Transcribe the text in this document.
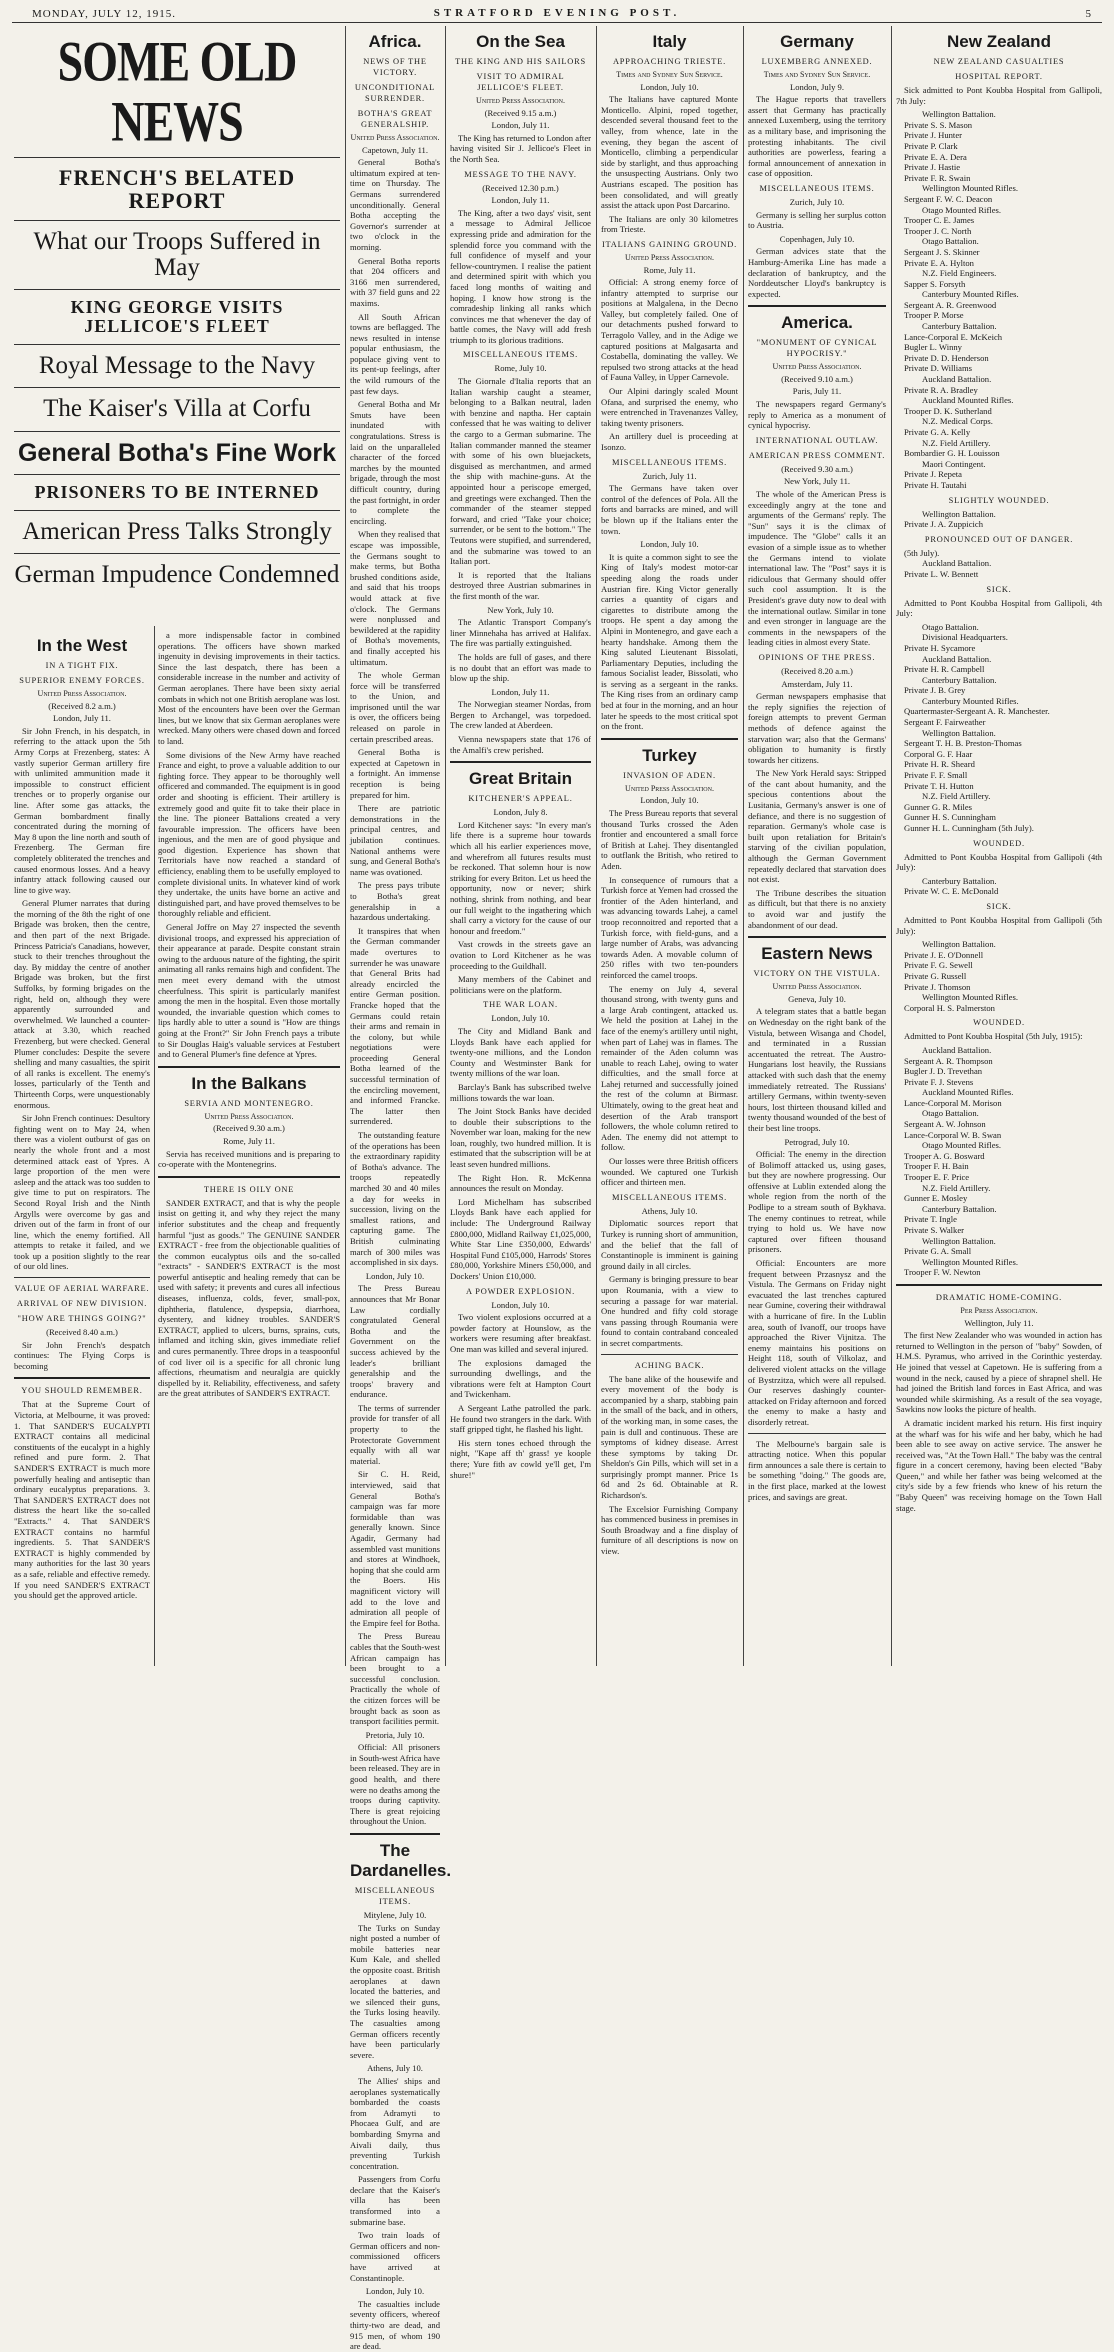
MONDAY, JULY 12, 1915.	STRATFORD EVENING POST.	5
SOME OLD NEWS
FRENCH'S BELATED REPORT
What our Troops Suffered in May
KING GEORGE VISITS JELLICOE'S FLEET
Royal Message to the Navy
The Kaiser's Villa at Corfu
General Botha's Fine Work
PRISONERS TO BE INTERNED
American Press Talks Strongly
German Impudence Condemned
In the West
IN A TIGHT FIX.
SUPERIOR ENEMY FORCES.
United Press Association.
(Received 8.2 a.m.)
London, July 11.

Sir John French, in his despatch, in referring to the attack upon the 5th Army Corps at Frezenberg, states: A vastly superior German artillery fire with unlimited ammunition made it impossible to construct efficient trenches or to properly organise our line. After some gas attacks, the German bombardment finally concentrated during the morning of May 8 upon the line north and south of Frezenberg. The German fire completely obliterated the trenches and caused enormous losses. And a heavy infantry attack following caused our line to give way.

General Plumer narrates that during the morning of the 8th the right of one Brigade was broken, then the centre, and then part of the next Brigade. Princess Patricia's Canadians, however, stuck to their trenches throughout the day. By midday the centre of another Brigade was broken, but the first Suffolks, by forming brigades on the right, held on, although they were apparently surrounded and overwhelmed. We launched a counter-attack at 3.30, which reached Frezenberg, but were checked. General Plumer concludes: Despite the severe shelling and many casualties, the spirit of all ranks is excellent. The enemy's losses, particularly of the Tenth and Thirteenth Corps, were unquestionably enormous.

Sir John French continues: Desultory fighting went on to May 24, when there was a violent outburst of gas on nearly the whole front and a most determined attack east of Ypres. A large proportion of the men were asleep and the attack was too sudden to give time to put on respirators. The Second Royal Irish and the Ninth Argylls were overcome by gas and driven out of the farm in front of our line, which the enemy fortified. All attempts to retake it failed, and we took up a position slightly to the rear of our old lines.

VALUE OF AERIAL WARFARE.
ARRIVAL OF NEW DIVISION.
"HOW ARE THINGS GOING?"
(Received 8.40 a.m.)

Sir John French's despatch continues: The Flying Corps is becoming

YOU SHOULD REMEMBER.

That at the Supreme Court of Victoria, at Melbourne, it was proved: 1. That SANDER'S EUCALYPTI EXTRACT contains all medicinal constituents of the eucalypt in a highly refined and pure form. 2. That SANDER'S EXTRACT is much more powerfully healing and antiseptic than ordinary eucalyptus preparations. 3. That SANDER'S EXTRACT does not distress the heart like the so-called "Extracts." 4. That SANDER'S EXTRACT contains no harmful ingredients. 5. That SANDER'S EXTRACT is highly commended by many authorities for the last 30 years as a safe, reliable and effective remedy. If you need SANDER'S EXTRACT you should get the approved article.

a more indispensable factor in combined operations. The officers have shown marked ingenuity in devising improvements in their tactics. Since the last despatch, there has been a considerable increase in the number and activity of German aeroplanes. There have been sixty aerial combats in which not one British aeroplane was lost. Most of the encounters have been over the German lines, but we know that six German aeroplanes were wrecked. Many others were chased down and forced to land.

Some divisions of the New Army have reached France and eight, to prove a valuable addition to our fighting force. They appear to be thoroughly well officered and commanded. The equipment is in good order and shooting is efficient. Their artillery is extremely good and quite fit to take their place in the line. The pioneer Battalions created a very favourable impression. The officers have been ingenious, and the men are of good physique and good digestion. Experience has shown that Territorials have now reached a standard of efficiency, enabling them to be usefully employed to complete divisional units. In whatever kind of work they undertake, the units have borne an active and distinguished part, and have proved themselves to be thoroughly reliable and efficient.

General Joffre on May 27 inspected the seventh divisional troops, and expressed his appreciation of their appearance at parade. Despite constant strain owing to the arduous nature of the fighting, the spirit animating all ranks remains high and confident. The men meet every demand with the utmost cheerfulness. This spirit is particularly manifest among the men in the hospital. Even those mortally wounded, the invariable question which comes to lips hardly able to utter a sound is "How are things going at the Front?" Sir John French pays a tribute to Sir Douglas Haig's valuable services at Festubert and to General Plumer's fine defence at Ypres.

In the Balkans
SERVIA AND MONTENEGRO.
United Press Association.
(Received 9.30 a.m.)
Rome, July 11.

Servia has received munitions and is preparing to co-operate with the Montenegrins.

THERE IS OILY ONE

SANDER EXTRACT, and that is why the people insist on getting it, and why they reject the many inferior substitutes and the cheap and frequently harmful "just as goods." The GENUINE SANDER EXTRACT - free from the objectionable qualities of the common eucalyptus oils and the so-called "extracts" - SANDER'S EXTRACT is the most powerful antiseptic and healing remedy that can be used with safety; it prevents and cures all infectious diseases, influenza, colds, fever, small-pox, diphtheria, flatulence, dyspepsia, diarrhoea, dysentery, and kidney troubles. SANDER'S EXTRACT, applied to ulcers, burns, sprains, cuts, inflamed and itching skin, gives immediate relief and cures permanently. Three drops in a teaspoonful of cod liver oil is a specific for all chronic lung affections, rheumatism and neuralgia are quickly dispelled by it. Reliability, effectiveness, and safety are the great attributes of SANDER'S EXTRACT.

Africa.
NEWS OF THE VICTORY.
UNCONDITIONAL SURRENDER.
BOTHA'S GREAT GENERALSHIP.
United Press Association.
Capetown, July 11.

General Botha's ultimatum expired at ten-time on Thursday. The Germans surrendered unconditionally. General Botha accepting the Governor's surrender at two o'clock in the morning.

General Botha reports that 204 officers and 3166 men surrendered, with 37 field guns and 22 maxims.

All South African towns are beflagged. The news resulted in intense popular enthusiasm, the populace giving vent to its pent-up feelings, after the wild rumours of the past few days.

General Botha and Mr Smuts have been inundated with congratulations. Stress is laid on the unparalleled character of the forced marches by the mounted brigade, through the most difficult country, during the past fortnight, in order to complete the encircling.

When they realised that escape was impossible, the Germans sought to make terms, but Botha brushed conditions aside, and said that his troops would attack at five o'clock. The Germans were nonplussed and bewildered at the rapidity of Botha's movements, and finally accepted his ultimatum.

The whole German force will be transferred to the Union, and imprisoned until the war is over, the officers being released on parole in certain prescribed areas.

General Botha is expected at Capetown in a fortnight. An immense reception is being prepared for him.

There are patriotic demonstrations in the principal centres, and jubilation continues. National anthems were sung, and General Botha's name was ovationed.

The press pays tribute to Botha's great generalship in a hazardous undertaking.

It transpires that when the German commander made overtures to surrender he was unaware that General Brits had already encircled the entire German position. Francke hoped that the Germans could retain their arms and remain in the colony, but while negotiations were proceeding General Botha learned of the successful termination of the encircling movement, and informed Francke. The latter then surrendered.

The outstanding feature of the operations has been the extraordinary rapidity of Botha's advance. The troops repeatedly marched 30 and 40 miles a day for weeks in succession, living on the smallest rations, and capturing game. The British culminating march of 300 miles was accomplished in six days.

London, July 10.

The Press Bureau announces that Mr Bonar Law cordially congratulated General Botha and the Government on the success achieved by the leader's brilliant generalship and the troops' bravery and endurance.

The terms of surrender provide for transfer of all property to the Protectorate Government equally with all war material.

Sir C. H. Reid, interviewed, said that General Botha's campaign was far more formidable than was generally known. Since Agadir, Germany had assembled vast munitions and stores at Windhoek, hoping that she could arm the Boers. His magnificent victory will add to the love and admiration all people of the Empire feel for Botha.

The Press Bureau cables that the South-west African campaign has been brought to a successful conclusion. Practically the whole of the citizen forces will be brought back as soon as transport facilities permit.

Pretoria, July 10.

Official: All prisoners in South-west Africa have been released. They are in good health, and there were no deaths among the troops during captivity. There is great rejoicing throughout the Union.

The Dardanelles.
MISCELLANEOUS ITEMS.
Mitylene, July 10.

The Turks on Sunday night posted a number of mobile batteries near Kum Kale, and shelled the opposite coast. British aeroplanes at dawn located the batteries, and we silenced their guns, the Turks losing heavily. The casualties among German officers recently have been particularly severe.

Athens, July 10.

The Allies' ships and aeroplanes systematically bombarded the coasts from Adramyti to Phocaea Gulf, and are bombarding Smyrna and Aivali daily, thus preventing Turkish concentration.

Passengers from Corfu declare that the Kaiser's villa has been transformed into a submarine base.

Two train loads of German officers and non-commissioned officers have arrived at Constantinople.

London, July 10.

The casualties include seventy officers, whereof thirty-two are dead, and 915 men, of whom 190 are dead.

On the Sea
THE KING AND HIS SAILORS
VISIT TO ADMIRAL JELLICOE'S FLEET.
United Press Association.
(Received 9.15 a.m.)
London, July 11.

The King has returned to London after having visited Sir J. Jellicoe's Fleet in the North Sea.

MESSAGE TO THE NAVY.
(Received 12.30 p.m.)
London, July 11.

The King, after a two days' visit, sent a message to Admiral Jellicoe expressing pride and admiration for the splendid force you command with the full confidence of myself and your fellow-countrymen. I realise the patient and determined spirit with which you faced long months of waiting and hoping. I know how strong is the comradeship linking all ranks which convinces me that whenever the day of battle comes, the Navy will add fresh triumph to its glorious traditions.

MISCELLANEOUS ITEMS.
Rome, July 10.

The Giornale d'Italia reports that an Italian warship caught a steamer, belonging to a Balkan neutral, laden with benzine and naptha. Her captain confessed that he was waiting to deliver the cargo to a German submarine. The Italian commander manned the steamer with some of his own bluejackets, disguised as merchantmen, and armed the ship with machine-guns. At the appointed hour a periscope emerged, and greetings were exchanged. Then the commander of the steamer stepped forward, and cried "Take your choice; surrender, or be sent to the bottom." The Teutons were stupified, and surrendered, and the submarine was towed to an Italian port.

It is reported that the Italians destroyed three Austrian submarines in the first month of the war.

New York, July 10.

The Atlantic Transport Company's liner Minnehaha has arrived at Halifax. The fire was partially extinguished.

The holds are full of gases, and there is no doubt that an effort was made to blow up the ship.

London, July 11.

The Norwegian steamer Nordas, from Bergen to Archangel, was torpedoed. The crew landed at Aberdeen.

Vienna newspapers state that 176 of the Amalfi's crew perished.

Great Britain
KITCHENER'S APPEAL.
London, July 8.

Lord Kitchener says: "In every man's life there is a supreme hour towards which all his earlier experiences move, and wherefrom all futures results must be reckoned. That solemn hour is now striking for every Briton. Let us heed the opportunity, now or never; shirk nothing, shrink from nothing, and bear our full weight to the ingathering which shall carry a victory for the cause of our honour and freedom."

Vast crowds in the streets gave an ovation to Lord Kitchener as he was proceeding to the Guildhall.

Many members of the Cabinet and politicians were on the platform.

THE WAR LOAN.
London, July 10.

The City and Midland Bank and Lloyds Bank have each applied for twenty-one millions, and the London County and Westminster Bank for twenty millions of the war loan.

Barclay's Bank has subscribed twelve millions towards the war loan.

The Joint Stock Banks have decided to double their subscriptions to the November war loan, making for the new loan, roughly, two hundred million. It is estimated that the subscription will be at least seven hundred millions.

The Right Hon. R. McKenna announces the result on Monday.

Lord Michelham has subscribed Lloyds Bank have each applied for include: The Underground Railway £800,000, Midland Railway £1,025,000, White Star Line £350,000, Edwards' Hospital Fund £105,000, Harrods' Stores £80,000, Yorkshire Miners £50,000, and Dockers' Union £10,000.

A POWDER EXPLOSION.
London, July 10.

Two violent explosions occurred at a powder factory at Hounslow, as the workers were resuming after breakfast. One man was killed and several injured.

The explosions damaged the surrounding dwellings, and the vibrations were felt at Hampton Court and Twickenham.

A Sergeant Lathe patrolled the park. He found two strangers in the dark. With staff gripped tight, he flashed his light.

His stern tones echoed through the night, "Kape aff th' grass! ye koople there; Yure fith av cowld ye'll get, I'm shure!"

Italy
APPROACHING TRIESTE.
Times and Sydney Sun Service.
London, July 10.

The Italians have captured Monte Monticello. Alpini, roped together, descended several thousand feet to the valley, from whence, late in the evening, they began the ascent of Monticello, climbing a perpendicular side by starlight, and thus approaching the unsuspecting Austrians. Only two Austrians escaped. The position has been consolidated, and will greatly assist the attack upon Post Darcarino.

The Italians are only 30 kilometres from Trieste.

ITALIANS GAINING GROUND.
United Press Association.
Rome, July 11.

Official: A strong enemy force of infantry attempted to surprise our positions at Malgalena, in the Decno Valley, but completely failed. One of our detachments pushed forward to Terragolo Valley, and in the Adige we captured positions at Malgasarta and Costabella, dominating the valley. We repulsed two strong attacks at the head of Fauna Valley, in Upper Carnevole.

Our Alpini daringly scaled Mount Ofana, and surprised the enemy, who were entrenched in Travenanzes Valley, taking twenty prisoners.

An artillery duel is proceeding at Isonzo.

MISCELLANEOUS ITEMS.
Zurich, July 11.

The Germans have taken over control of the defences of Pola. All the forts and barracks are mined, and will be blown up if the Italians enter the town.

London, July 10.

It is quite a common sight to see the King of Italy's modest motor-car speeding along the roads under Austrian fire. King Victor generally carries a quantity of cigars and cigarettes to distribute among the troops. He spent a day among the Alpini in Montenegro, and gave each a hearty handshake. Among them the King saluted Lieutenant Bissolati, Parliamentary Deputies, including the famous Socialist leader, Bissolati, who is serving as a sergeant in the ranks. The King rises from an ordinary camp bed at four in the morning, and an hour later he speeds to the most critical spot on the front.

Turkey
INVASION OF ADEN.
United Press Association.
London, July 10.

The Press Bureau reports that several thousand Turks crossed the Aden frontier and encountered a small force of British at Lahej. They disentangled to outflank the British, who retired to Aden.

In consequence of rumours that a Turkish force at Yemen had crossed the frontier of the Aden hinterland, and was advancing towards Lahej, a camel troop reconnoitred and reported that a Turkish force, with field-guns, and a large number of Arabs, was advancing towards Aden. A movable column of 250 rifles with two ten-pounders reinforced the camel troops.

The enemy on July 4, several thousand strong, with twenty guns and a large Arab contingent, attacked us. We held the position at Lahej in the face of the enemy's artillery until night, when part of Lahej was in flames. The remainder of the Aden column was unable to reach Lahej, owing to water difficulties, and the small force at Lahej returned and successfully joined the rest of the column at Birmasr. Ultimately, owing to the great heat and desertion of the Arab transport followers, the whole column retired to Aden. The enemy did not attempt to follow.

Our losses were three British officers wounded. We captured one Turkish officer and thirteen men.

MISCELLANEOUS ITEMS.
Athens, July 10.

Diplomatic sources report that Turkey is running short of ammunition, and the belief that the fall of Constantinople is imminent is gaining ground daily in all circles.

Germany is bringing pressure to bear upon Roumania, with a view to securing a passage for war material. One hundred and fifty cold storage vans passing through Roumania were found to contain contraband concealed in secret compartments.

ACHING BACK.

The bane alike of the housewife and every movement of the body is accompanied by a sharp, stabbing pain in the small of the back, and in others, of the working man, in some cases, the pain is dull and continuous. These are symptoms of kidney disease. Arrest these symptoms by taking Dr. Sheldon's Gin Pills, which will set in a surprisingly prompt manner. Price 1s 6d and 2s 6d. Obtainable at R. Richardson's.

The Excelsior Furnishing Company has commenced business in premises in South Broadway and a fine display of furniture of all descriptions is now on view.

Germany
LUXEMBERG ANNEXED.
Times and Sydney Sun Service.
London, July 9.

The Hague reports that travellers assert that Germany has practically annexed Luxemberg, using the territory as a military base, and imprisoning the protesting inhabitants. The civil authorities are powerless, fearing a formal announcement of annexation in case of opposition.

MISCELLANEOUS ITEMS.
Zurich, July 10.

Germany is selling her surplus cotton to Austria.

Copenhagen, July 10.

German advices state that the Hamburg-Amerika Line has made a declaration of bankruptcy, and the Norddeutscher Lloyd's bankruptcy is expected.

America.
"MONUMENT OF CYNICAL HYPOCRISY."
United Press Association.
(Received 9.10 a.m.)
Paris, July 11.

The newspapers regard Germany's reply to America as a monument of cynical hypocrisy.

INTERNATIONAL OUTLAW.
AMERICAN PRESS COMMENT.
(Received 9.30 a.m.)
New York, July 11.

The whole of the American Press is exceedingly angry at the tone and arguments of the Germans' reply. The "Sun" says it is the climax of impudence. The "Globe" calls it an evasion of a simple issue as to whether the Germans intend to violate international law. The "Post" says it is ridiculous that Germany should offer such cool assumption. It is the President's grave duty now to deal with the international outlaw. Similar in tone and even stronger in language are the comments in the newspapers of the leading cities in almost every State.

OPINIONS OF THE PRESS.
(Received 8.20 a.m.)
Amsterdam, July 11.

German newspapers emphasise that the reply signifies the rejection of foreign attempts to prevent German methods of defence against the starvation war; also that the Germans' obligation to humanity is firstly towards her citizens.

The New York Herald says: Stripped of the cant about humanity, and the specious contentions about the Lusitania, Germany's answer is one of defiance, and there is no suggestion of reparation. Germany's whole case is built upon retaliation for Britain's starving of the civilian population, although the German Government repeatedly declared that starvation does not exist.

The Tribune describes the situation as difficult, but that there is no anxiety to avoid war and justify the abandonment of our dead.

Eastern News
VICTORY ON THE VISTULA.
United Press Association.
Geneva, July 10.

A telegram states that a battle began on Wednesday on the right bank of the Vistula, between Wisanga and Chodel, and terminated in a Russian accentuated the retreat. The Austro-Hungarians lost heavily, the Russians attacked with such dash that the enemy immediately retreated. The Russians' artillery Germans, within twenty-seven hours, lost thirteen thousand killed and twenty thousand wounded of the best of their best line troops.

Petrograd, July 10.

Official: The enemy in the direction of Bolimoff attacked us, using gases, but they are nowhere progressing. Our offensive at Lublin extended along the whole region from the north of the Podlipe to a stream south of Bykhava. The enemy continues to retreat, while trying to hold us. We have now captured over fifteen thousand prisoners.

Official: Encounters are more frequent between Przasnysz and the Vistula. The Germans on Friday night evacuated the last trenches captured near Gumine, covering their withdrawal with a hurricane of fire. In the Lublin area, south of Ivanoff, our troops have approached the River Vijnitza. The enemy maintains his positions on Height 118, south of Vilkolaz, and delivered violent attacks on the village of Bystrzitza, which were all repulsed. Our reserves dashingly counter-attacked on Friday afternoon and forced the enemy to make a hasty and disorderly retreat.

The Melbourne's bargain sale is attracting notice. When this popular firm announces a sale there is certain to be something "doing." The goods are, in the first place, marked at the lowest prices, and savings are great.

New Zealand
NEW ZEALAND CASUALTIES
HOSPITAL REPORT.

Sick admitted to Pont Koubba Hospital from Gallipoli, 7th July:

Wellington Battalion.

Private S. S. Mason

Private J. Hunter

Private P. Clark

Private E. A. Dera

Private J. Hastie

Private F. R. Swain

Wellington Mounted Rifles.

Sergeant F. W. C. Deacon

Otago Mounted Rifles.

Trooper C. E. James

Trooper J. C. North

Otago Battalion.

Sergeant J. S. Skinner

Private E. A. Hylton

N.Z. Field Engineers.

Sapper S. Forsyth

Canterbury Mounted Rifles.

Sergeant A. R. Greenwood

Trooper P. Morse

Canterbury Battalion.

Lance-Corporal E. McKeich

Bugler L. Winny

Private D. D. Henderson

Private D. Williams

Auckland Battalion.

Private R. A. Bradley

Auckland Mounted Rifles.

Trooper D. K. Sutherland

N.Z. Medical Corps.

Private G. A. Kelly

N.Z. Field Artillery.

Bombardier G. H. Louisson

Maori Contingent.

Private J. Repeta

Private H. Tautahi

SLIGHTLY WOUNDED.

Wellington Battalion.

Private J. A. Zuppicich

PRONOUNCED OUT OF DANGER.

(5th July).

Auckland Battalion.

Private L. W. Bennett

SICK.

Admitted to Pont Koubba Hospital from Gallipoli, 4th July:

Otago Battalion.

Divisional Headquarters.

Private H. Sycamore

Auckland Battalion.

Private H. R. Campbell

Canterbury Battalion.

Private J. B. Grey

Canterbury Mounted Rifles.

Quartermaster-Sergeant A. R. Manchester.

Sergeant F. Fairweather

Wellington Battalion.

Sergeant T. H. B. Preston-Thomas

Corporal G. F. Haar

Private H. R. Sheard

Private F. F. Small

Private T. H. Hutton

N.Z. Field Artillery.

Gunner G. R. Miles

Gunner H. S. Cunningham

Gunner H. L. Cunningham (5th July).

WOUNDED.

Admitted to Pont Koubba Hospital from Gallipoli (4th July):

Canterbury Battalion.

Private W. C. E. McDonald

SICK.

Admitted to Pont Koubba Hospital from Gallipoli (5th July):

Wellington Battalion.

Private J. E. O'Donnell

Private F. G. Sewell

Private G. Russell

Private J. Thomson

Wellington Mounted Rifles.

Corporal H. S. Palmerston

WOUNDED.

Admitted to Pont Koubba Hospital (5th July, 1915):

Auckland Battalion.

Sergeant A. R. Thompson

Bugler J. D. Trevethan

Private F. J. Stevens

Auckland Mounted Rifles.

Lance-Corporal M. Morison

Otago Battalion.

Sergeant A. W. Johnson

Lance-Corporal W. B. Swan

Otago Mounted Rifles.

Trooper A. G. Bosward

Trooper F. H. Bain

Trooper E. F. Price

N.Z. Field Artillery.

Gunner E. Mosley

Canterbury Battalion.

Private T. Ingle

Private S. Walker

Wellington Battalion.

Private G. A. Small

Wellington Mounted Rifles.

Trooper F. W. Newton

DRAMATIC HOME-COMING.
Per Press Association.
Wellington, July 11.

The first New Zealander who was wounded in action has returned to Wellington in the person of "baby" Sowden, of H.M.S. Pyramus, who arrived in the Corinthic yesterday. He joined that vessel at Capetown. He is suffering from a wound in the neck, caused by a piece of shrapnel shell. He had joined the British land forces in East Africa, and was wounded while skirmishing. As a result of the sea voyage, Sawkins now looks the picture of health.

A dramatic incident marked his return. His first inquiry at the wharf was for his wife and her baby, which he had been able to see away on active service. The answer he received was, "At the Town Hall." The baby was the central figure in a concert ceremony, having been elected "Baby Queen," and while her father was being welcomed at the city's side by a few friends who knew of his return the "Baby Queen" was receiving homage on the Town Hall stage.
